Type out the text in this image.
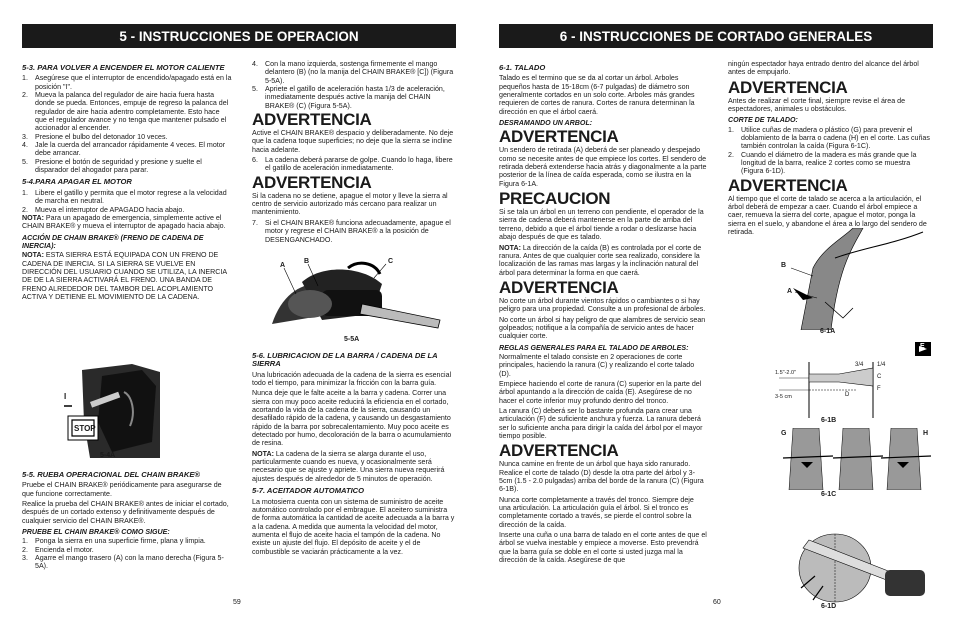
5 - INSTRUCCIONES DE OPERACION
5-3. PARA VOLVER A ENCENDER EL MOTOR CALIENTE
1. Asegúrese que el interruptor de encendido/apagado está en la posición "I".
2. Mueva la palanca del regulador de aire hacia fuera hasta donde se pueda. Entonces, empuje de regreso la palanca del regulador de aire hacia adentro completamente. Esto hace que el regulador avance y no tenga que mantener pulsado el accionador al encender.
3. Presione el bulbo del detonador 10 veces.
4. Jale la cuerda del arrancador rápidamente 4 veces. El motor debe arrancar.
5. Presione el botón de seguridad y presione y suelte el disparador del ahogador para parar.
5-4.PARA APAGAR EL MOTOR
1. Libere el gatillo y permita que el motor regrese a la velocidad de marcha en neutral.
2. Mueva el interruptor de APAGADO hacia abajo.

NOTA: Para un apagado de emergencia, simplemente active el CHAIN BRAKE® y mueva el interruptor de apagado hacia abajo.

ACCIÓN DE CHAIN BRAKE® (FRENO DE CADENA DE INERCIA):

NOTA: ESTA SIERRA ESTÁ EQUIPADA CON UN FRENO DE CADENA DE INERCIA. SI LA SIERRA SE VUELVE EN DIRECCIÓN DEL USUARIO CUANDO SE UTILIZA, LA INERCIA DE DE LA SIERRA ACTIVARÁ EL FRENO. UNA BANDA DE FRENO ALREDEDOR DEL TAMBOR DEL ACOPLAMIENTO ACTIVA Y DETIENE EL MOVIMIENTO DE LA CADENA.

I
STOP
5-4A
5-5. RUEBA OPERACIONAL DEL CHAIN BRAKE®

Pruebe el CHAIN BRAKE® periódicamente para asegurarse de que funcione correctamente.

Realice la prueba del CHAIN BRAKE® antes de iniciar el cortado, después de un cortado extenso y definitivamente después de cualquier servicio del CHAIN BRAKE®.

PRUEBE EL CHAIN BRAKE® COMO SIGUE:
1. Ponga la sierra en una superficie firme, plana y limpia.
2. Encienda el motor.
3. Agarre el mango trasero (A) con la mano derecha (Figura 5-5A).
4. Con la mano izquierda, sostenga firmemente el mango delantero (B) (no la manija del CHAIN BRAKE® [C]) (Figura 5-5A).
5. Apriete el gatillo de aceleración hasta 1/3 de aceleración, inmediatamente después active la manija del CHAIN BRAKE® (C) (Figura 5-5A).
ADVERTENCIA

Active el CHAIN BRAKE® despacio y deliberadamente. No deje que la cadena toque superficies; no deje que la sierra se incline hacia adelante.

6. La cadena deberá pararse de golpe. Cuando lo haga, libere el gatillo de aceleración inmediatamente.
ADVERTENCIA

Si la cadena no se detiene, apague el motor y lleve la sierra al centro de servicio autorizado más cercano para realizar un mantenimiento.

7. Si el CHAIN BRAKE® funciona adecuadamente, apague el motor y regrese el CHAIN BRAKE® a la posición de DESENGANCHADO.
A
B	C
5-5A
5-6. LUBRICACION DE LA BARRA / CADENA DE LA SIERRA

Una lubricación adecuada de la cadena de la sierra es esencial todo el tiempo, para minimizar la fricción con la barra guía.

Nunca deje que le falte aceite a la barra y cadena. Correr una sierra con muy poco aceite reducirá la eficiencia en el cortado, acortando la vida de la cadena de la sierra, causando un desafilado rápido de la cadena, y causando un desgastamiento rápido de la barra por sobrecalentamiento. Muy poco aceite es detectado por humo, decoloración de la barra o acumulamiento de resina.

NOTA: La cadena de la sierra se alarga durante el uso, particularmente cuando es nueva, y ocasionalmente será necesario que se ajuste y apriete. Una sierra nueva requerirá ajustes después de alrededor de 5 minutos de operación.

5-7. ACEITADOR AUTOMATICO

La motosierra cuenta con un sistema de suministro de aceite automático controlado por el embrague. El aceitero suministra de forma automática la cantidad de aceite adecuada a la barra y a la cadena. A medida que aumenta la velocidad del motor, aumenta el flujo de aceite hacia el tampón de la cadena. No existe un ajuste del flujo. El depósito de aceite y el de combustible se vaciarán prácticamente a la vez.

59
6 - INSTRUCCIONES DE CORTADO GENERALES
6-1. TALADO

Talado es el termino que se da al cortar un árbol. Arboles pequeños hasta de 15-18cm (6-7 pulgadas) de diámetro son generalmente cortados en un solo corte. Arboles más grandes requieren de cortes de ranura. Cortes de ranura determinan la dirección en que el árbol caerá.

DESRAMANDO UN ARBOL:
ADVERTENCIA

Un sendero de retirada (A) deberá de ser planeado y despejado como se necesite antes de que empiece los cortes. El sendero de retirada deberá extenderse hacia atrás y diagonalmente a la parte posterior de la línea de caída esperada, como se ilustra en la Figura 6-1A.

PRECAUCION

Si se tala un árbol en un terreno con pendiente, el operador de la sierra de cadena deberá mantenerse en la parte de arriba del terreno, debido a que el árbol tiende a rodar o deslizarse hacia abajo después de que es talado.

NOTA: La dirección de la caída (B) es controlada por el corte de ranura. Antes de que cualquier corte sea realizado, considere la localización de las ramas mas largas y la inclinación natural del árbol para determinar la forma en que caerá.

ADVERTENCIA

No corte un árbol durante vientos rápidos o cambiantes o si hay peligro para una propiedad. Consulte a un profesional de árboles.

No corte un árbol si hay peligro de que alambres de servicio sean golpeados; notifique a la compañía de servicio antes de hacer cualquier corte.

REGLAS GENERALES PARA EL TALADO DE ARBOLES:

Normalmente el talado consiste en 2 operaciones de corte principales, haciendo la ranura (C) y realizando el corte talado (D).

Empiece haciendo el corte de ranura (C) superior en la parte del árbol apuntando a la dirección de caída (E). Asegúrese de no hacer el corte inferior muy profundo dentro del tronco.

La ranura (C) deberá ser lo bastante profunda para crear una articulación (F) de suficiente anchura y fuerza. La ranura deberá ser lo suficiente ancha para dirigir la caída del árbol por el mayor tiempo posible.

ADVERTENCIA

Nunca camine en frente de un árbol que haya sido ranurado. Realice el corte de talado (D) desde la otra parte del árbol y 3-5cm (1.5 - 2.0 pulgadas) arriba del borde de la ranura (C) (Figura 6-1B).

Nunca corte completamente a través del tronco. Siempre deje una articulación. La articulación guía el árbol. Si el tronco es completamente cortado a través, se pierde el control sobre la dirección de la caída.

Inserte una cuña o una barra de talado en el corte antes de que el árbol se vuelva inestable y empiece a moverse. Esto prevendrá que la barra guía se doble en el corte si usted juzga mal la dirección de la caída. Asegúrese de que

ningún espectador haya entrado dentro del alcance del árbol antes de empujarlo.

ADVERTENCIA

Antes de realizar el corte final, siempre revise el área de espectadores, animales u obstáculos.

CORTE DE TALADO:
1. Utilice cuñas de madera o plástico (G) para prevenir el doblamiento de la barra o cadena (H) en el corte. Las cuñas también controlan la caída (Figura 6-1C).
2. Cuando el diámetro de la madera es más grande que la longitud de la barra, realice 2 cortes como se muestra (Figura 6-1D).
ADVERTENCIA

Al tiempo que el corte de talado se acerca a la articulación, el árbol deberá de empezar a caer. Cuando el árbol empiece a caer, remueva la sierra del corte, apague el motor, ponga la sierra en el suelo, y abandone el área a lo largo del sendero de retirada.

B
A
6-1A
E
3/4 1/4
1.5"-2.0"
3-5 cm
C
D
F
6-1B
G	H
6-1C
6-1D
60
